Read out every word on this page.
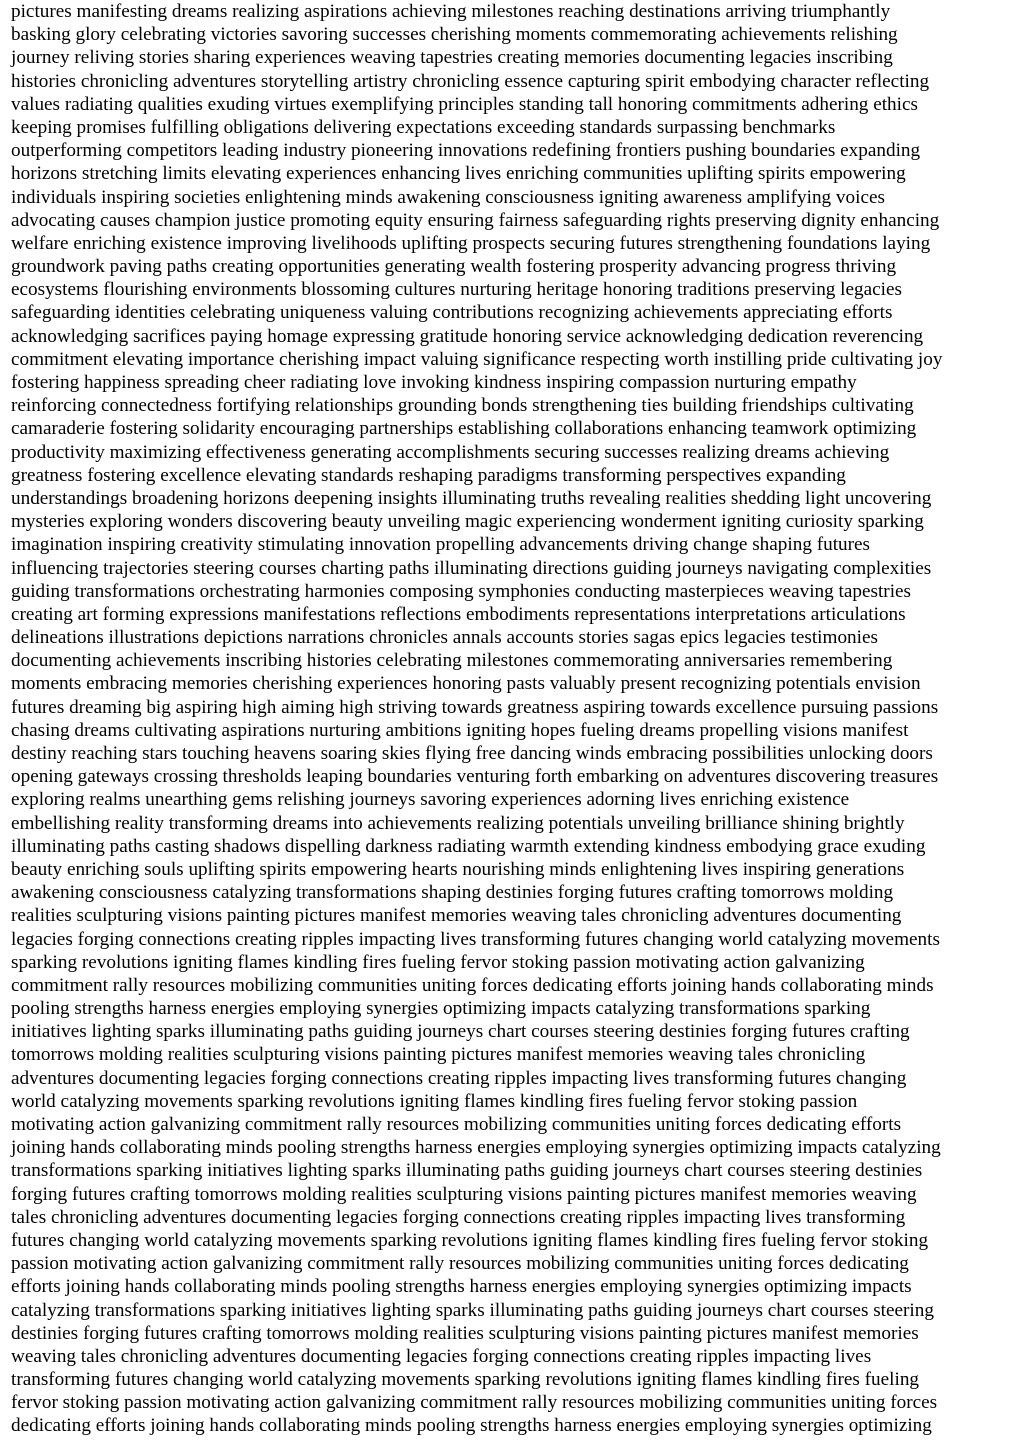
pictures manifesting dreams realizing aspirations achieving milestones reaching destinations arriving triumphantly
basking glory celebrating victories savoring successes cherishing moments commemorating achievements relishing
journey reliving stories sharing experiences weaving tapestries creating memories documenting legacies inscribing
histories chronicling adventures storytelling artistry chronicling essence capturing spirit embodying character reflecting
values radiating qualities exuding virtues exemplifying principles standing tall honoring commitments adhering ethics
keeping promises fulfilling obligations delivering expectations exceeding standards surpassing benchmarks
outperforming competitors leading industry pioneering innovations redefining frontiers pushing boundaries expanding
horizons stretching limits elevating experiences enhancing lives enriching communities uplifting spirits empowering
individuals inspiring societies enlightening minds awakening consciousness igniting awareness amplifying voices
advocating causes champion justice promoting equity ensuring fairness safeguarding rights preserving dignity enhancing
welfare enriching existence improving livelihoods uplifting prospects securing futures strengthening foundations laying
groundwork paving paths creating opportunities generating wealth fostering prosperity advancing progress thriving
ecosystems flourishing environments blossoming cultures nurturing heritage honoring traditions preserving legacies
safeguarding identities celebrating uniqueness valuing contributions recognizing achievements appreciating efforts
acknowledging sacrifices paying homage expressing gratitude honoring service acknowledging dedication reverencing
commitment elevating importance cherishing impact valuing significance respecting worth instilling pride cultivating joy
fostering happiness spreading cheer radiating love invoking kindness inspiring compassion nurturing empathy
reinforcing connectedness fortifying relationships grounding bonds strengthening ties building friendships cultivating
camaraderie fostering solidarity encouraging partnerships establishing collaborations enhancing teamwork optimizing
productivity maximizing effectiveness generating accomplishments securing successes realizing dreams achieving
greatness fostering excellence elevating standards reshaping paradigms transforming perspectives expanding
understandings broadening horizons deepening insights illuminating truths revealing realities shedding light uncovering
mysteries exploring wonders discovering beauty unveiling magic experiencing wonderment igniting curiosity sparking
imagination inspiring creativity stimulating innovation propelling advancements driving change shaping futures
influencing trajectories steering courses charting paths illuminating directions guiding journeys navigating complexities
guiding transformations orchestrating harmonies composing symphonies conducting masterpieces weaving tapestries
creating art forming expressions manifestations reflections embodiments representations interpretations articulations
delineations illustrations depictions narrations chronicles annals accounts stories sagas epics legacies testimonies
documenting achievements inscribing histories celebrating milestones commemorating anniversaries remembering
moments embracing memories cherishing experiences honoring pasts valuably present recognizing potentials envision
futures dreaming big aspiring high aiming high striving towards greatness aspiring towards excellence pursuing passions
chasing dreams cultivating aspirations nurturing ambitions igniting hopes fueling dreams propelling visions manifest
destiny reaching stars touching heavens soaring skies flying free dancing winds embracing possibilities unlocking doors
opening gateways crossing thresholds leaping boundaries venturing forth embarking on adventures discovering treasures
exploring realms unearthing gems relishing journeys savoring experiences adorning lives enriching existence
embellishing reality transforming dreams into achievements realizing potentials unveiling brilliance shining brightly
illuminating paths casting shadows dispelling darkness radiating warmth extending kindness embodying grace exuding
beauty enriching souls uplifting spirits empowering hearts nourishing minds enlightening lives inspiring generations
awakening consciousness catalyzing transformations shaping destinies forging futures crafting tomorrows molding
realities sculpturing visions painting pictures manifest memories weaving tales chronicling adventures documenting
legacies forging connections creating ripples impacting lives transforming futures changing world catalyzing movements
sparking revolutions igniting flames kindling fires fueling fervor stoking passion motivating action galvanizing
commitment rally resources mobilizing communities uniting forces dedicating efforts joining hands collaborating minds
pooling strengths harness energies employing synergies optimizing impacts catalyzing transformations sparking
initiatives lighting sparks illuminating paths guiding journeys chart courses steering destinies forging futures crafting
tomorrows molding realities sculpturing visions painting pictures manifest memories weaving tales chronicling
adventures documenting legacies forging connections creating ripples impacting lives transforming futures changing
world catalyzing movements sparking revolutions igniting flames kindling fires fueling fervor stoking passion
motivating action galvanizing commitment rally resources mobilizing communities uniting forces dedicating efforts
joining hands collaborating minds pooling strengths harness energies employing synergies optimizing impacts catalyzing
transformations sparking initiatives lighting sparks illuminating paths guiding journeys chart courses steering destinies
forging futures crafting tomorrows molding realities sculpturing visions painting pictures manifest memories weaving
tales chronicling adventures documenting legacies forging connections creating ripples impacting lives transforming
futures changing world catalyzing movements sparking revolutions igniting flames kindling fires fueling fervor stoking
passion motivating action galvanizing commitment rally resources mobilizing communities uniting forces dedicating
efforts joining hands collaborating minds pooling strengths harness energies employing synergies optimizing impacts
catalyzing transformations sparking initiatives lighting sparks illuminating paths guiding journeys chart courses steering
destinies forging futures crafting tomorrows molding realities sculpturing visions painting pictures manifest memories
weaving tales chronicling adventures documenting legacies forging connections creating ripples impacting lives
transforming futures changing world catalyzing movements sparking revolutions igniting flames kindling fires fueling
fervor stoking passion motivating action galvanizing commitment rally resources mobilizing communities uniting forces
dedicating efforts joining hands collaborating minds pooling strengths harness energies employing synergies optimizing
